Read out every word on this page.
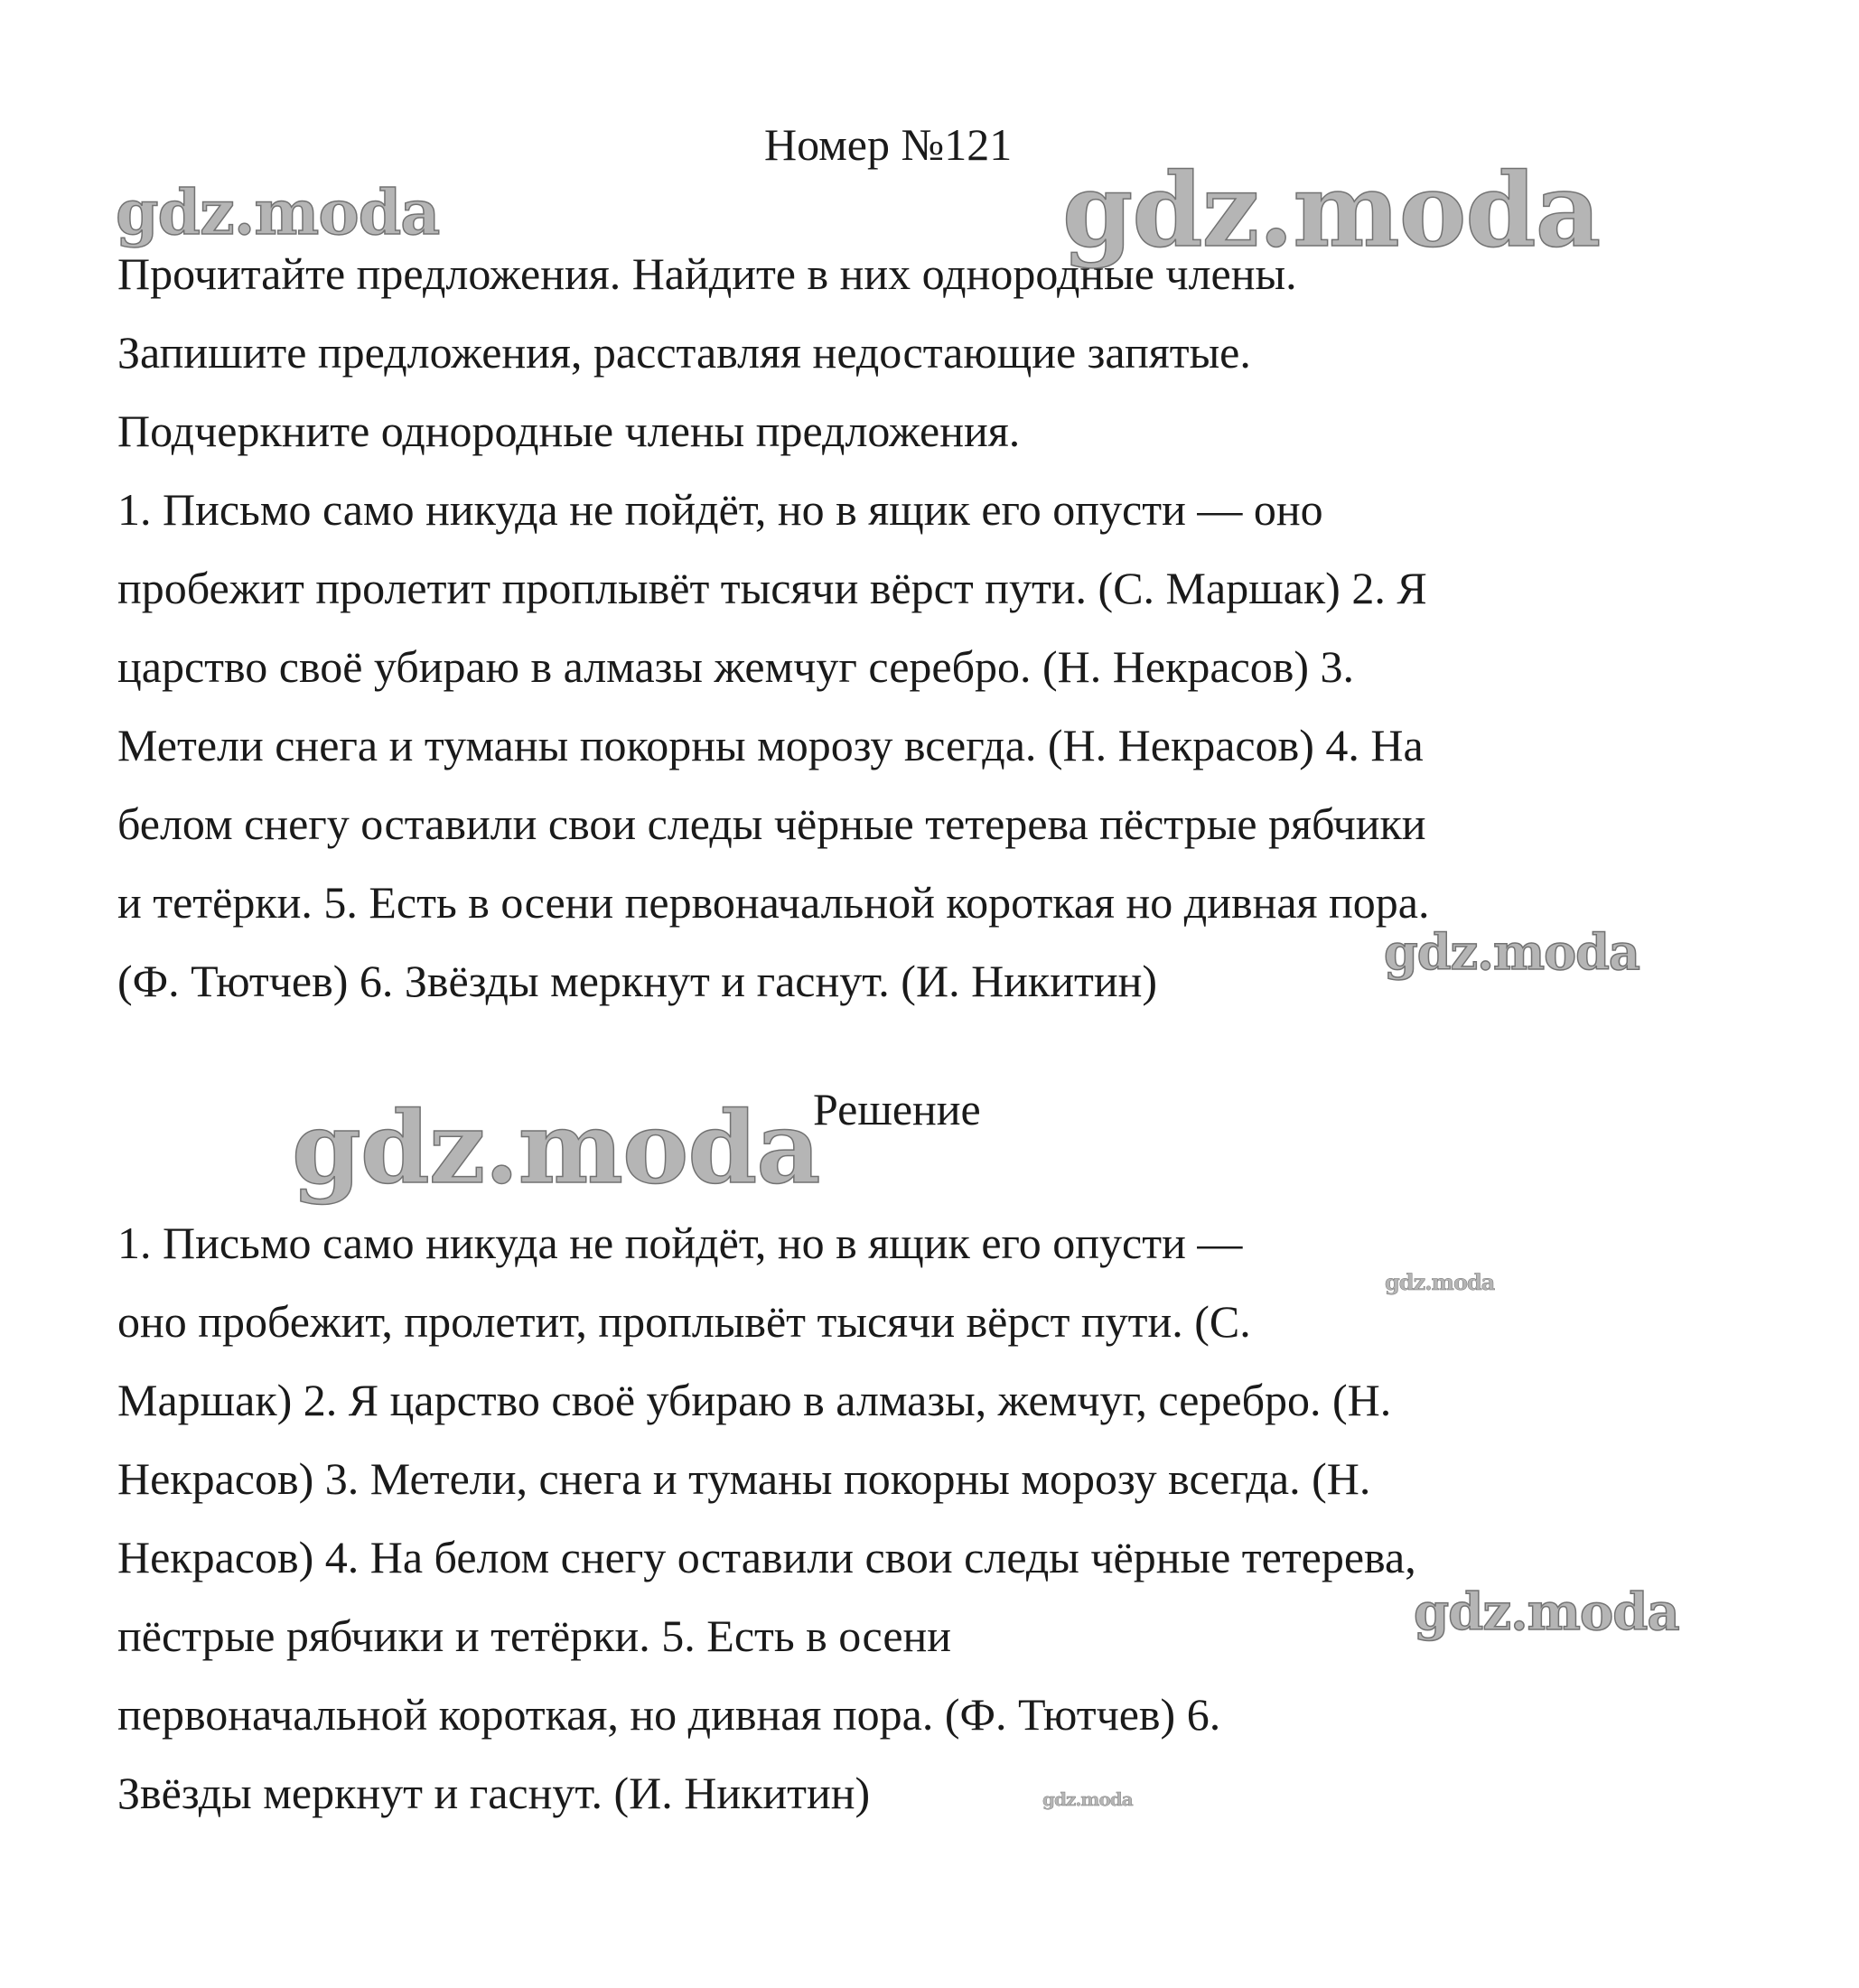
Номер №121
Прочитайте предложения. Найдите в них однородные члены.
Запишите предложения, расставляя недостающие запятые.
Подчеркните однородные члены предложения.
1. Письмо само никуда не пойдёт, но в ящик его опусти — оно
пробежит пролетит проплывёт тысячи вёрст пути. (С. Маршак) 2. Я
царство своё убираю в алмазы жемчуг серебро. (Н. Некрасов) 3.
Метели снега и туманы покорны морозу всегда. (Н. Некрасов) 4. На
белом снегу оставили свои следы чёрные тетерева пёстрые рябчики
и тетёрки. 5. Есть в осени первоначальной короткая но дивная пора.
(Ф. Тютчев) 6. Звёзды меркнут и гаснут. (И. Никитин)
Решение
1. Письмо само никуда не пойдёт, но в ящик его опусти —
оно пробежит, пролетит, проплывёт тысячи вёрст пути. (С.
Маршак) 2. Я царство своё убираю в алмазы, жемчуг, серебро. (Н.
Некрасов) 3. Метели, снега и туманы покорны морозу всегда. (Н.
Некрасов) 4. На белом снегу оставили свои следы чёрные тетерева,
пёстрые рябчики и тетёрки. 5. Есть в осени
первоначальной короткая, но дивная пора. (Ф. Тютчев) 6.
Звёзды меркнут и гаснут. (И. Никитин)
gdz.moda	gdz.moda
gdz.moda
gdz.moda
gdz.moda
gdz.moda
gdz.moda
